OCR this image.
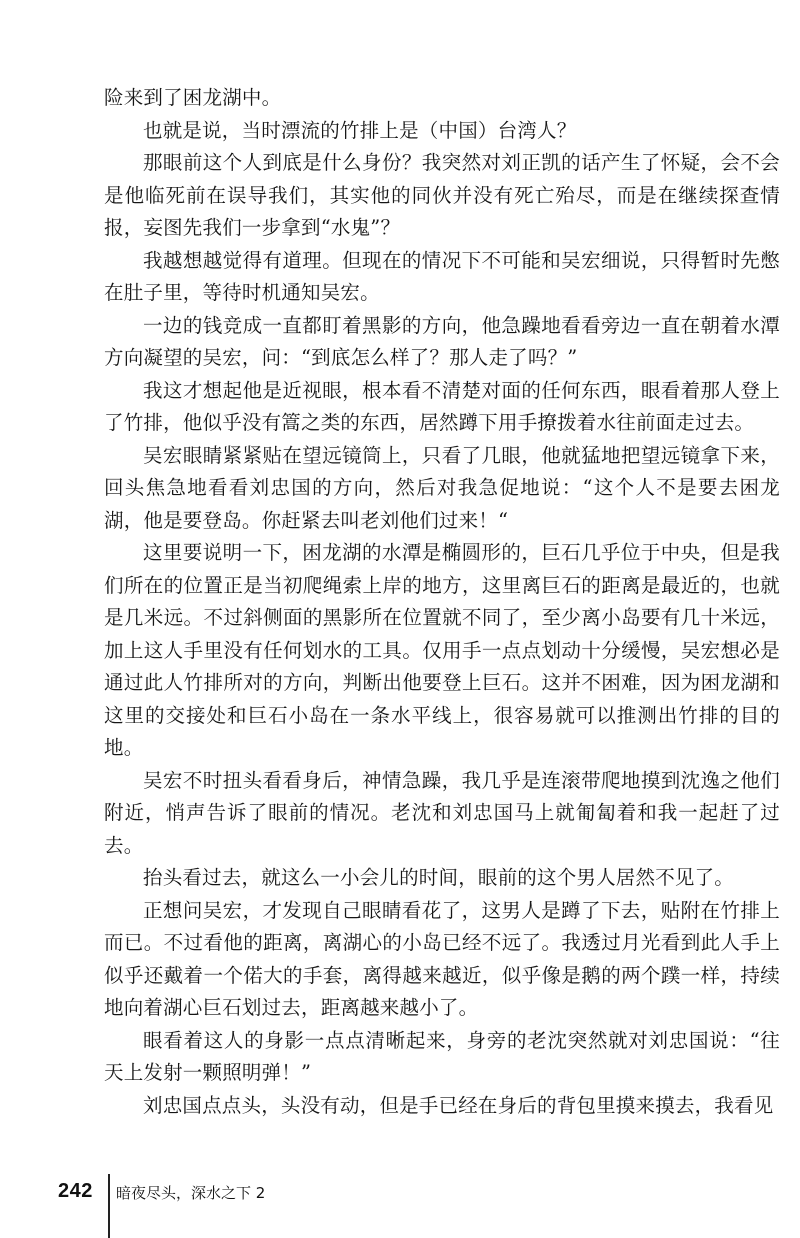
险来到了困龙湖中。

也就是说，当时漂流的竹排上是（中国）台湾人？

那眼前这个人到底是什么身份？我突然对刘正凯的话产生了怀疑，会不会是他临死前在误导我们，其实他的同伙并没有死亡殆尽，而是在继续探查情报，妄图先我们一步拿到“水鬼”？

我越想越觉得有道理。但现在的情况下不可能和吴宏细说，只得暂时先憋在肚子里，等待时机通知吴宏。

一边的钱竞成一直都盯着黑影的方向，他急躁地看看旁边一直在朝着水潭方向凝望的吴宏，问：“到底怎么样了？那人走了吗？”

我这才想起他是近视眼，根本看不清楚对面的任何东西，眼看着那人登上了竹排，他似乎没有篙之类的东西，居然蹲下用手撩拨着水往前面走过去。

吴宏眼睛紧紧贴在望远镜筒上，只看了几眼，他就猛地把望远镜拿下来，回头焦急地看看刘忠国的方向，然后对我急促地说：“这个人不是要去困龙湖，他是要登岛。你赶紧去叫老刘他们过来！“

这里要说明一下，困龙湖的水潭是椭圆形的，巨石几乎位于中央，但是我们所在的位置正是当初爬绳索上岸的地方，这里离巨石的距离是最近的，也就是几米远。不过斜侧面的黑影所在位置就不同了，至少离小岛要有几十米远，加上这人手里没有任何划水的工具。仅用手一点点划动十分缓慢，吴宏想必是通过此人竹排所对的方向，判断出他要登上巨石。这并不困难，因为困龙湖和这里的交接处和巨石小岛在一条水平线上，很容易就可以推测出竹排的目的地。

吴宏不时扭头看看身后，神情急躁，我几乎是连滚带爬地摸到沈逸之他们附近，悄声告诉了眼前的情况。老沈和刘忠国马上就匍匐着和我一起赶了过去。

抬头看过去，就这么一小会儿的时间，眼前的这个男人居然不见了。

正想问吴宏，才发现自己眼睛看花了，这男人是蹲了下去，贴附在竹排上而已。不过看他的距离，离湖心的小岛已经不远了。我透过月光看到此人手上似乎还戴着一个偌大的手套，离得越来越近，似乎像是鹅的两个蹼一样，持续地向着湖心巨石划过去，距离越来越小了。

眼看着这人的身影一点点清晰起来，身旁的老沈突然就对刘忠国说：“往天上发射一颗照明弹！”

刘忠国点点头，头没有动，但是手已经在身后的背包里摸来摸去，我看见

242 暗夜尽头，深水之下 2
